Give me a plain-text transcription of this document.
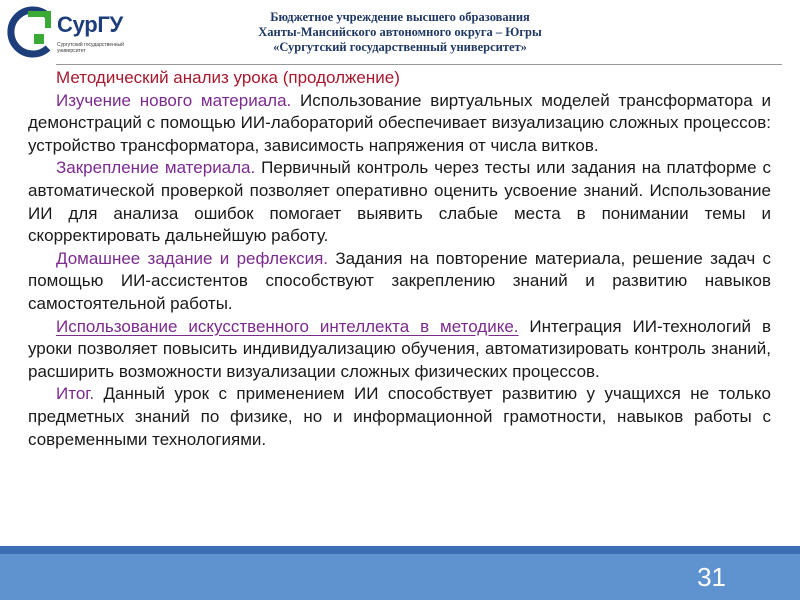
СурГУ
Сургутский государственный университет
Бюджетное учреждение высшего образования
Ханты-Мансийского автономного округа – Югры
«Сургутский государственный университет»

Методический анализ урока (продолжение)

Изучение нового материала. Использование виртуальных моделей трансформатора и демонстраций с помощью ИИ-лабораторий обеспечивает визуализацию сложных процессов: устройство трансформатора, зависимость напряжения от числа витков.

Закрепление материала. Первичный контроль через тесты или задания на платформе с автоматической проверкой позволяет оперативно оценить усвоение знаний. Использование ИИ для анализа ошибок помогает выявить слабые места в понимании темы и скорректировать дальнейшую работу.

Домашнее задание и рефлексия. Задания на повторение материала, решение задач с помощью ИИ-ассистентов способствуют закреплению знаний и развитию навыков самостоятельной работы.

Использование искусственного интеллекта в методике. Интеграция ИИ-технологий в уроки позволяет повысить индивидуализацию обучения, автоматизировать контроль знаний, расширить возможности визуализации сложных физических процессов.

Итог. Данный урок с применением ИИ способствует развитию у учащихся не только предметных знаний по физике, но и информационной грамотности, навыков работы с современными технологиями.

31
